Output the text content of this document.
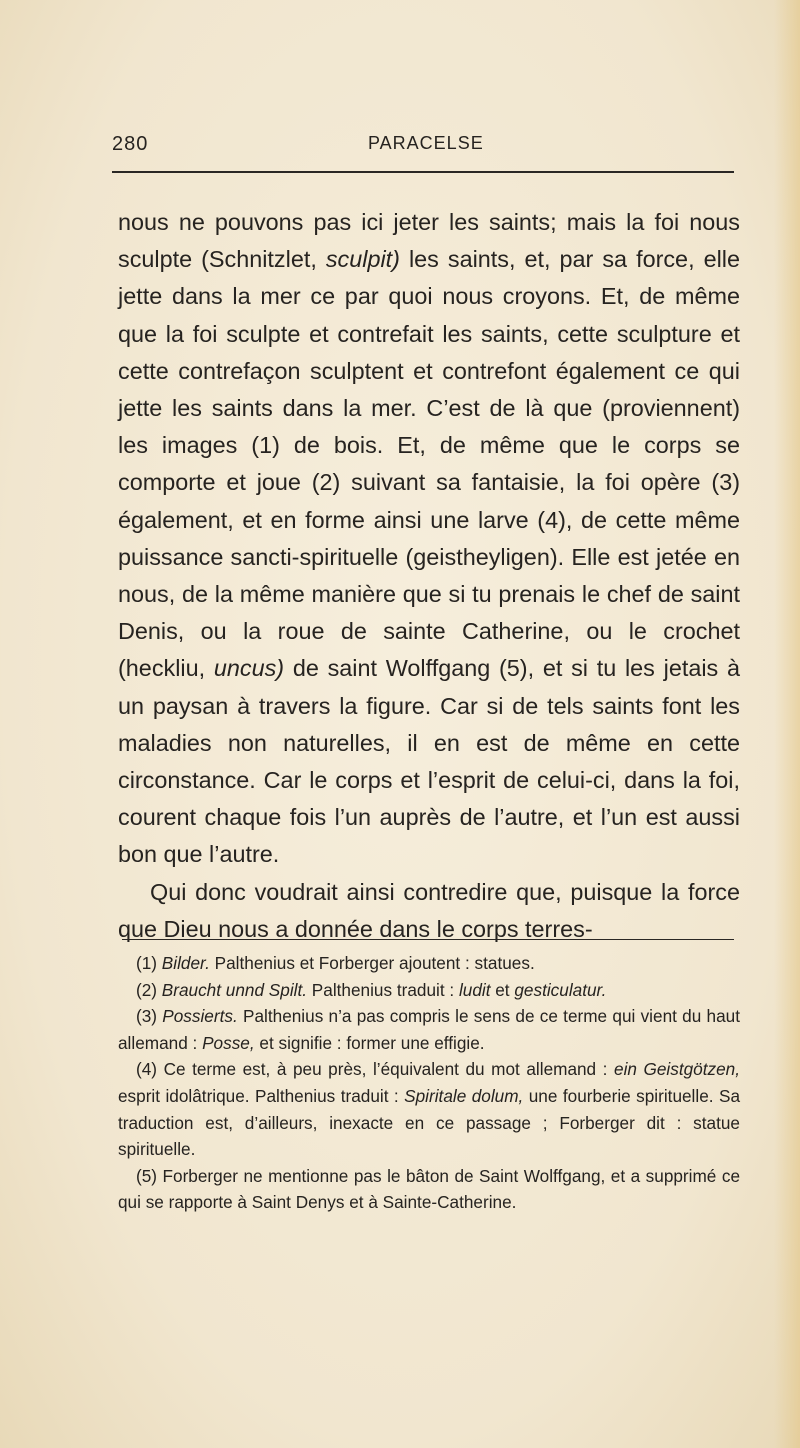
280	PARACELSE

nous ne pouvons pas ici jeter les saints; mais la foi nous sculpte (Schnitzlet, sculpit) les saints, et, par sa force, elle jette dans la mer ce par quoi nous croyons. Et, de même que la foi sculpte et contrefait les saints, cette sculpture et cette contrefaçon sculptent et contrefont également ce qui jette les saints dans la mer. C’est de là que (proviennent) les images (1) de bois. Et, de même que le corps se comporte et joue (2) suivant sa fantaisie, la foi opère (3) également, et en forme ainsi une larve (4), de cette même puissance sancti-spirituelle (geistheyligen). Elle est jetée en nous, de la même manière que si tu prenais le chef de saint Denis, ou la roue de sainte Catherine, ou le crochet (heckliu, uncus) de saint Wolffgang (5), et si tu les jetais à un paysan à travers la figure. Car si de tels saints font les maladies non naturelles, il en est de même en cette circonstance. Car le corps et l’esprit de celui-ci, dans la foi, courent chaque fois l’un auprès de l’autre, et l’un est aussi bon que l’autre.

Qui donc voudrait ainsi contredire que, puisque la force que Dieu nous a donnée dans le corps terres-

(1) Bilder. Palthenius et Forberger ajoutent : statues.

(2) Braucht unnd Spilt. Palthenius traduit : ludit et gesticulatur.

(3) Possierts. Palthenius n’a pas compris le sens de ce terme qui vient du haut allemand : Posse, et signifie : former une effigie.

(4) Ce terme est, à peu près, l’équivalent du mot allemand : ein Geistgötzen, esprit idolâtrique. Palthenius traduit : Spiritale dolum, une fourberie spirituelle. Sa traduction est, d’ailleurs, inexacte en ce passage ; Forberger dit : statue spirituelle.

(5) Forberger ne mentionne pas le bâton de Saint Wolffgang, et a supprimé ce qui se rapporte à Saint Denys et à Sainte-Catherine.
